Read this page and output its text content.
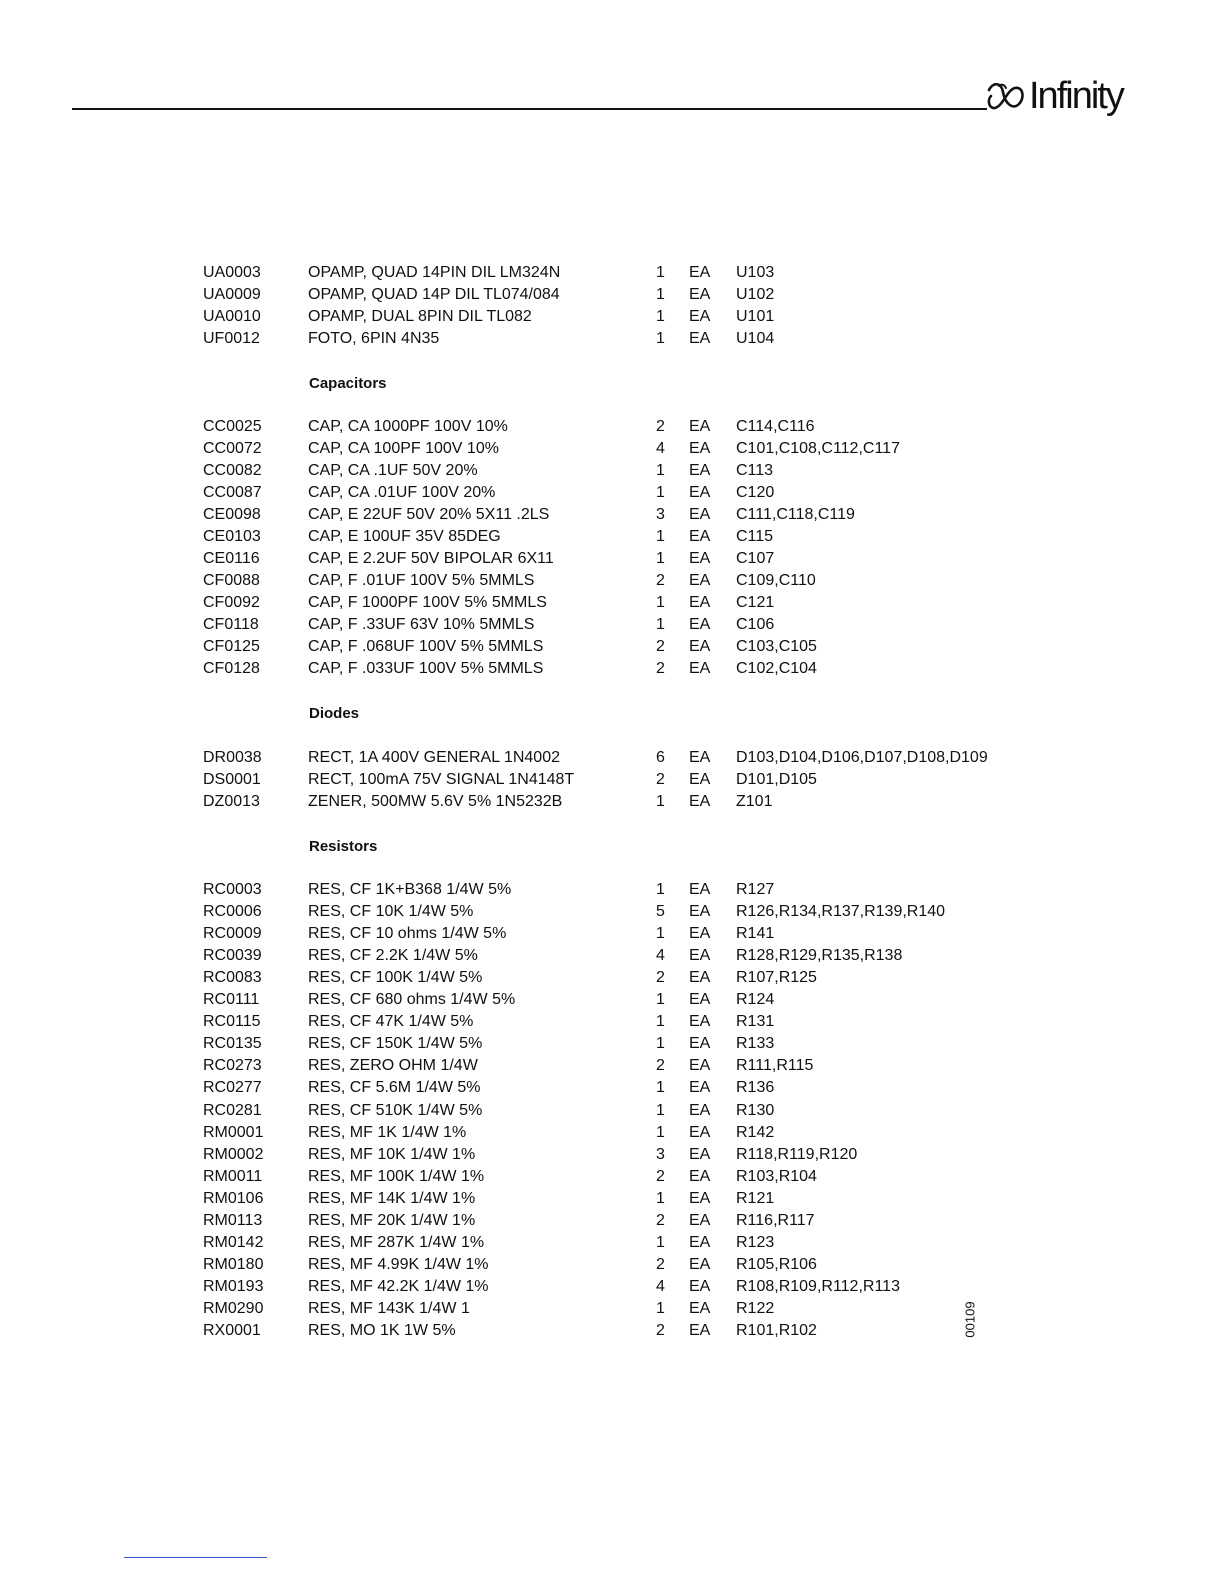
Infinity
UA0003	OPAMP, QUAD 14PIN DIL LM324N	1 EA U103
UA0009	OPAMP, QUAD 14P DIL TL074/084	1 EA U102
UA0010	OPAMP, DUAL 8PIN DIL TL082	1 EA U101
UF0012	FOTO, 6PIN 4N35	1 EA U104
Capacitors
CC0025	CAP, CA 1000PF 100V 10%	2 EA C114,C116
CC0072	CAP, CA 100PF 100V 10%	4 EA C101,C108,C112,C117
CC0082	CAP, CA .1UF 50V 20%	1 EA C113
CC0087	CAP, CA .01UF 100V 20%	1 EA C120
CE0098	CAP, E 22UF 50V 20% 5X11 .2LS	3 EA C111,C118,C119
CE0103	CAP, E 100UF 35V 85DEG	1 EA C115
CE0116	CAP, E 2.2UF 50V BIPOLAR 6X11	1 EA C107
CF0088	CAP, F .01UF 100V 5% 5MMLS	2 EA C109,C110
CF0092	CAP, F 1000PF 100V 5% 5MMLS	1 EA C121
CF0118	CAP, F .33UF 63V 10% 5MMLS	1 EA C106
CF0125	CAP, F .068UF 100V 5% 5MMLS	2 EA C103,C105
CF0128	CAP, F .033UF 100V 5% 5MMLS	2 EA C102,C104
Diodes
DR0038	RECT, 1A 400V GENERAL 1N4002	6 EA D103,D104,D106,D107,D108,D109
DS0001	RECT, 100mA 75V SIGNAL 1N4148T	2 EA D101,D105
DZ0013	ZENER, 500MW 5.6V 5% 1N5232B	1 EA Z101
Resistors
RC0003	RES, CF 1K+B368 1/4W 5%	1 EA R127
RC0006	RES, CF 10K 1/4W 5%	5 EA R126,R134,R137,R139,R140
RC0009	RES, CF 10 ohms 1/4W 5%	1 EA R141
RC0039	RES, CF 2.2K 1/4W 5%	4 EA R128,R129,R135,R138
RC0083	RES, CF 100K 1/4W 5%	2 EA R107,R125
RC0111	RES, CF 680 ohms 1/4W 5%	1 EA R124
RC0115	RES, CF 47K 1/4W 5%	1 EA R131
RC0135	RES, CF 150K 1/4W 5%	1 EA R133
RC0273	RES, ZERO OHM 1/4W	2 EA R111,R115
RC0277	RES, CF 5.6M 1/4W 5%	1 EA R136
RC0281	RES, CF 510K 1/4W 5%	1 EA R130
RM0001	RES, MF 1K 1/4W 1%	1 EA R142
RM0002	RES, MF 10K 1/4W 1%	3 EA R118,R119,R120
RM0011	RES, MF 100K 1/4W 1%	2 EA R103,R104
RM0106	RES, MF 14K 1/4W 1%	1 EA R121
RM0113	RES, MF 20K 1/4W 1%	2 EA R116,R117
RM0142	RES, MF 287K 1/4W 1%	1 EA R123
RM0180	RES, MF 4.99K 1/4W 1%	2 EA R105,R106
RM0193	RES, MF 42.2K 1/4W 1%	4 EA R108,R109,R112,R113
RM0290	RES, MF 143K 1/4W 1	1 EA R122
RX0001	RES, MO 1K 1W 5%	2 EA R101,R102	00109
